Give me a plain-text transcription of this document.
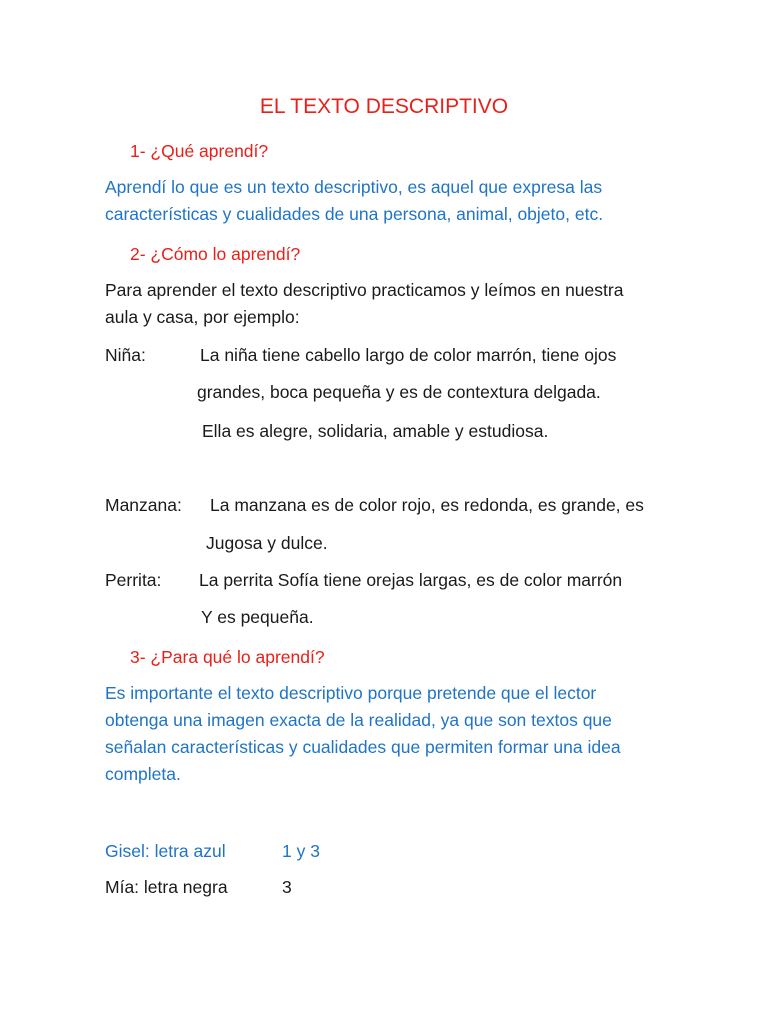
EL TEXTO DESCRIPTIVO
1- ¿Qué aprendí?
Aprendí lo que es un texto descriptivo, es aquel que expresa las
características y cualidades de una persona, animal, objeto, etc.
2- ¿Cómo lo aprendí?
Para aprender el texto descriptivo practicamos y leímos en nuestra
aula y casa, por ejemplo:
Niña:	La niña tiene cabello largo de color marrón, tiene ojos
grandes, boca pequeña y es de contextura delgada.
Ella es alegre, solidaria, amable y estudiosa.
Manzana: La manzana es de color rojo, es redonda, es grande, es
Jugosa y dulce.
Perrita: La perrita Sofía tiene orejas largas, es de color marrón
Y es pequeña.
3- ¿Para qué lo aprendí?
Es importante el texto descriptivo porque pretende que el lector
obtenga una imagen exacta de la realidad, ya que son textos que
señalan características y cualidades que permiten formar una idea
completa.
Gisel: letra azul	1 y 3
Mía: letra negra	3
